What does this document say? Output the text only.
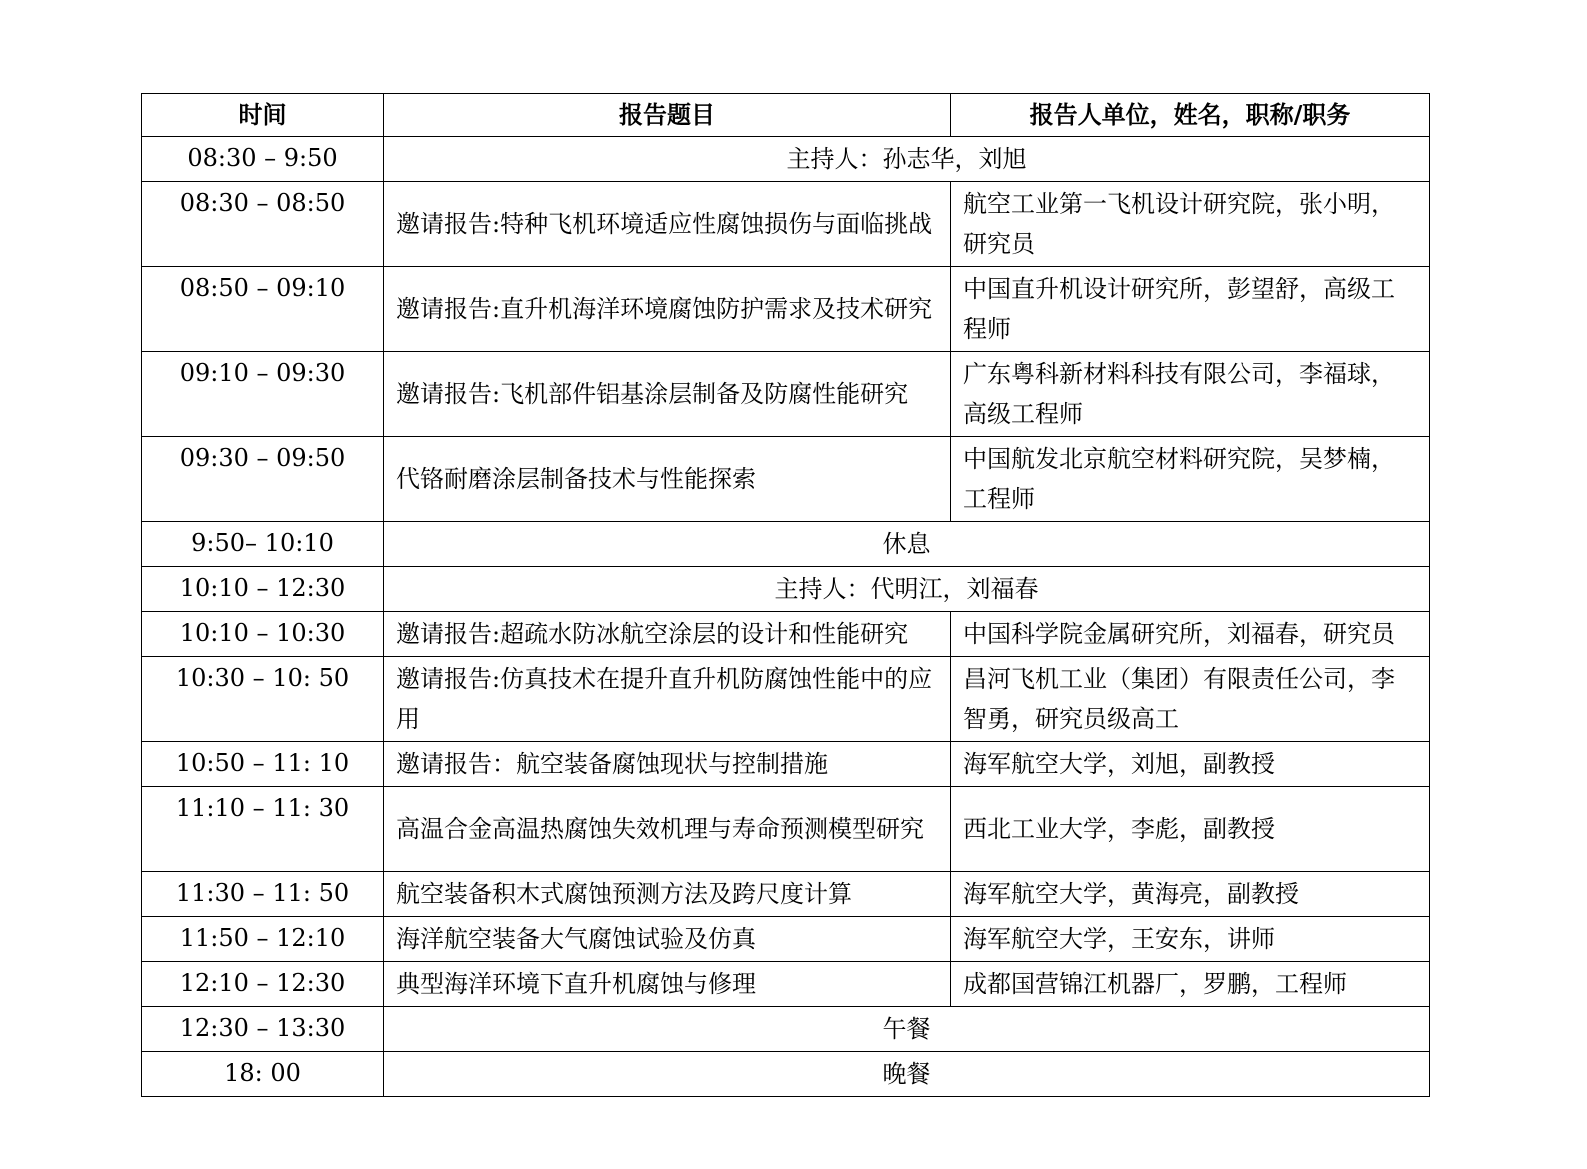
时间	报告题目	报告人单位，姓名，职称/职务
08:30 – 9:50	主持人：孙志华，刘旭	
08:30 – 08:50	邀请报告:特种飞机环境适应性腐蚀损伤与面临挑战	航空工业第一飞机设计研究院，张小明，研究员
08:50 – 09:10	邀请报告:直升机海洋环境腐蚀防护需求及技术研究	中国直升机设计研究所，彭望舒，高级工程师
09:10 – 09:30	邀请报告:飞机部件铝基涂层制备及防腐性能研究	广东粤科新材料科技有限公司，李福球，高级工程师
09:30 – 09:50	代铬耐磨涂层制备技术与性能探索	中国航发北京航空材料研究院，吴梦楠，工程师
9:50– 10:10	休息	
10:10 – 12:30	主持人：代明江，刘福春	
10:10 – 10:30	邀请报告:超疏水防冰航空涂层的设计和性能研究	中国科学院金属研究所，刘福春，研究员
10:30 – 10: 50	邀请报告:仿真技术在提升直升机防腐蚀性能中的应用	昌河飞机工业（集团）有限责任公司，李智勇，研究员级高工
10:50 – 11: 10	邀请报告：航空装备腐蚀现状与控制措施	海军航空大学，刘旭，副教授
11:10 – 11: 30	高温合金高温热腐蚀失效机理与寿命预测模型研究	西北工业大学，李彪，副教授
11:30 – 11: 50	航空装备积木式腐蚀预测方法及跨尺度计算	海军航空大学，黄海亮，副教授
11:50 – 12:10	海洋航空装备大气腐蚀试验及仿真	海军航空大学，王安东，讲师
12:10 – 12:30	典型海洋环境下直升机腐蚀与修理	成都国营锦江机器厂，罗鹏，工程师
12:30 – 13:30	午餐	
18: 00	晚餐	
